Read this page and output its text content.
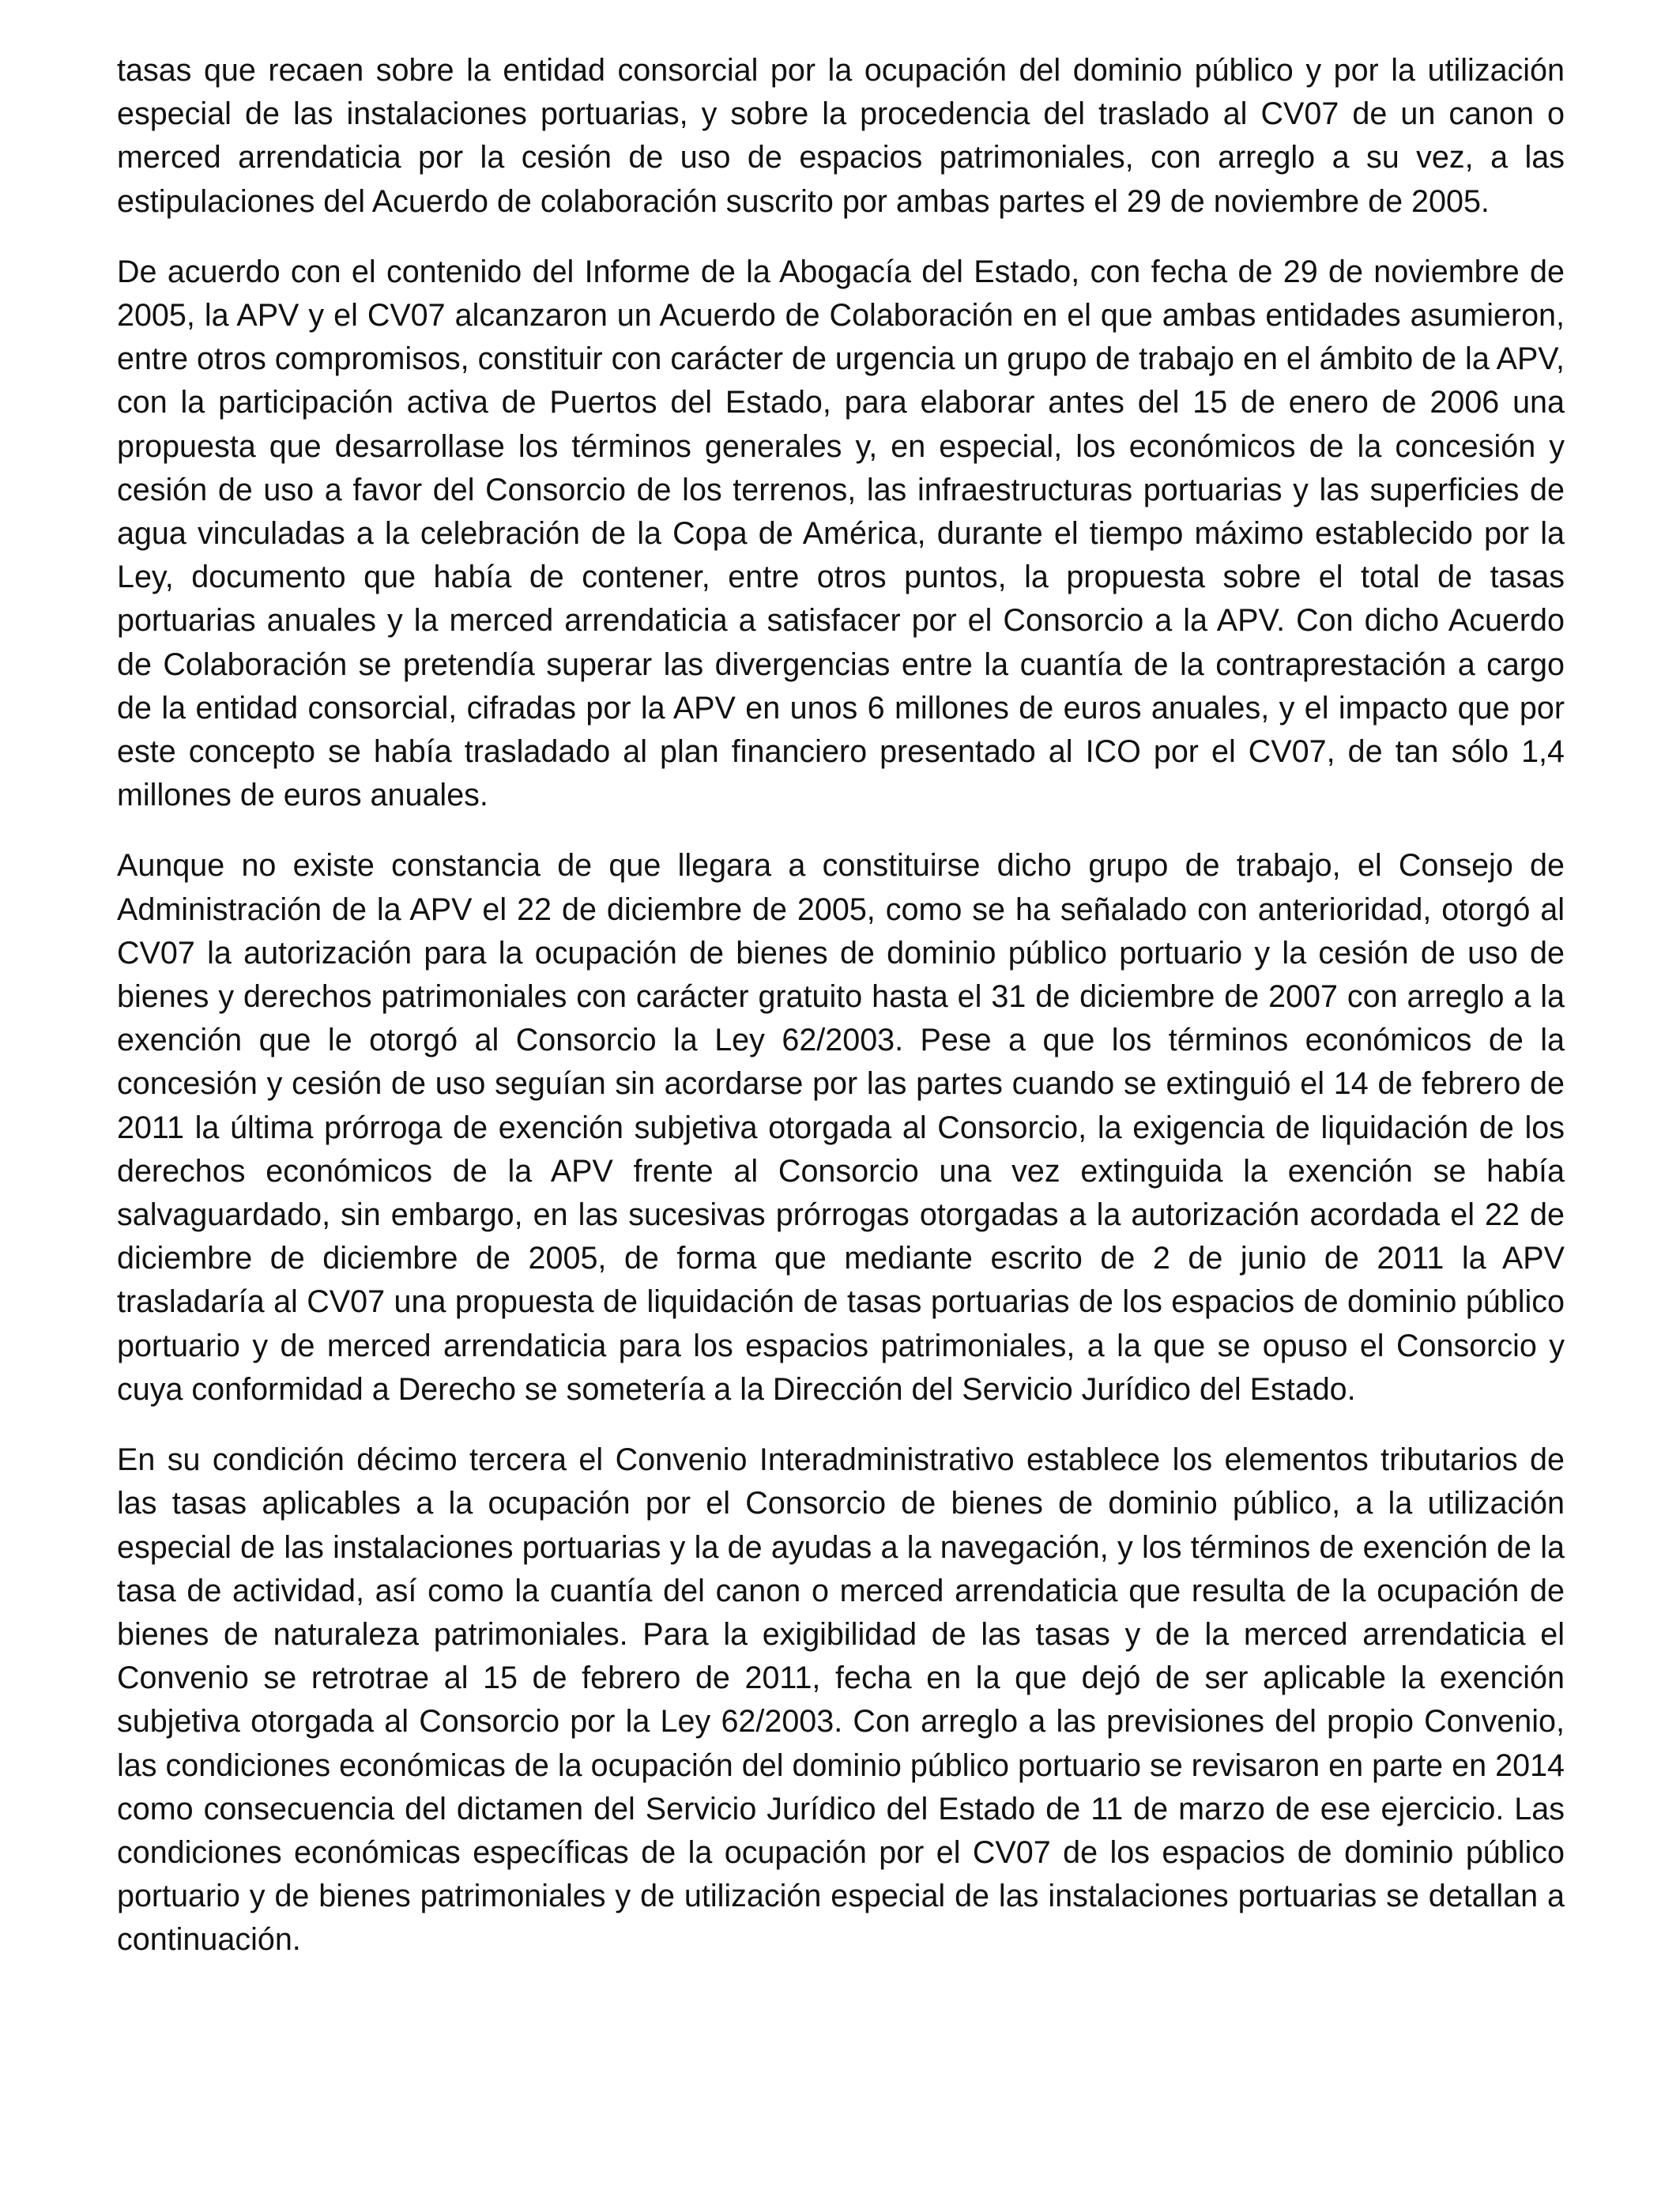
tasas que recaen sobre la entidad consorcial por la ocupación del dominio público y por la utilización especial de las instalaciones portuarias, y sobre la procedencia del traslado al CV07 de un canon o merced arrendaticia por la cesión de uso de espacios patrimoniales, con arreglo a su vez, a las estipulaciones del Acuerdo de colaboración suscrito por ambas partes el 29 de noviembre de 2005.

De acuerdo con el contenido del Informe de la Abogacía del Estado, con fecha de 29 de noviembre de 2005, la APV y el CV07 alcanzaron un Acuerdo de Colaboración en el que ambas entidades asumieron, entre otros compromisos, constituir con carácter de urgencia un grupo de trabajo en el ámbito de la APV, con la participación activa de Puertos del Estado, para elaborar antes del 15 de enero de 2006 una propuesta que desarrollase los términos generales y, en especial, los económicos de la concesión y cesión de uso a favor del Consorcio de los terrenos, las infraestructuras portuarias y las superficies de agua vinculadas a la celebración de la Copa de América, durante el tiempo máximo establecido por la Ley, documento que había de contener, entre otros puntos, la propuesta sobre el total de tasas portuarias anuales y la merced arrendaticia a satisfacer por el Consorcio a la APV. Con dicho Acuerdo de Colaboración se pretendía superar las divergencias entre la cuantía de la contraprestación a cargo de la entidad consorcial, cifradas por la APV en unos 6 millones de euros anuales, y el impacto que por este concepto se había trasladado al plan financiero presentado al ICO por el CV07, de tan sólo 1,4 millones de euros anuales.

Aunque no existe constancia de que llegara a constituirse dicho grupo de trabajo, el Consejo de Administración de la APV el 22 de diciembre de 2005, como se ha señalado con anterioridad, otorgó al CV07 la autorización para la ocupación de bienes de dominio público portuario y la cesión de uso de bienes y derechos patrimoniales con carácter gratuito hasta el 31 de diciembre de 2007 con arreglo a la exención que le otorgó al Consorcio la Ley 62/2003. Pese a que los términos económicos de la concesión y cesión de uso seguían sin acordarse por las partes cuando se extinguió el 14 de febrero de 2011 la última prórroga de exención subjetiva otorgada al Consorcio, la exigencia de liquidación de los derechos económicos de la APV frente al Consorcio una vez extinguida la exención se había salvaguardado, sin embargo, en las sucesivas prórrogas otorgadas a la autorización acordada el 22 de diciembre de diciembre de 2005, de forma que mediante escrito de 2 de junio de 2011 la APV trasladaría al CV07 una propuesta de liquidación de tasas portuarias de los espacios de dominio público portuario y de merced arrendaticia para los espacios patrimoniales, a la que se opuso el Consorcio y cuya conformidad a Derecho se sometería a la Dirección del Servicio Jurídico del Estado.

En su condición décimo tercera el Convenio Interadministrativo establece los elementos tributarios de las tasas aplicables a la ocupación por el Consorcio de bienes de dominio público, a la utilización especial de las instalaciones portuarias y la de ayudas a la navegación, y los términos de exención de la tasa de actividad, así como la cuantía del canon o merced arrendaticia que resulta de la ocupación de bienes de naturaleza patrimoniales. Para la exigibilidad de las tasas y de la merced arrendaticia el Convenio se retrotrae al 15 de febrero de 2011, fecha en la que dejó de ser aplicable la exención subjetiva otorgada al Consorcio por la Ley 62/2003. Con arreglo a las previsiones del propio Convenio, las condiciones económicas de la ocupación del dominio público portuario se revisaron en parte en 2014 como consecuencia del dictamen del Servicio Jurídico del Estado de 11 de marzo de ese ejercicio. Las condiciones económicas específicas de la ocupación por el CV07 de los espacios de dominio público portuario y de bienes patrimoniales y de utilización especial de las instalaciones portuarias se detallan a continuación.
